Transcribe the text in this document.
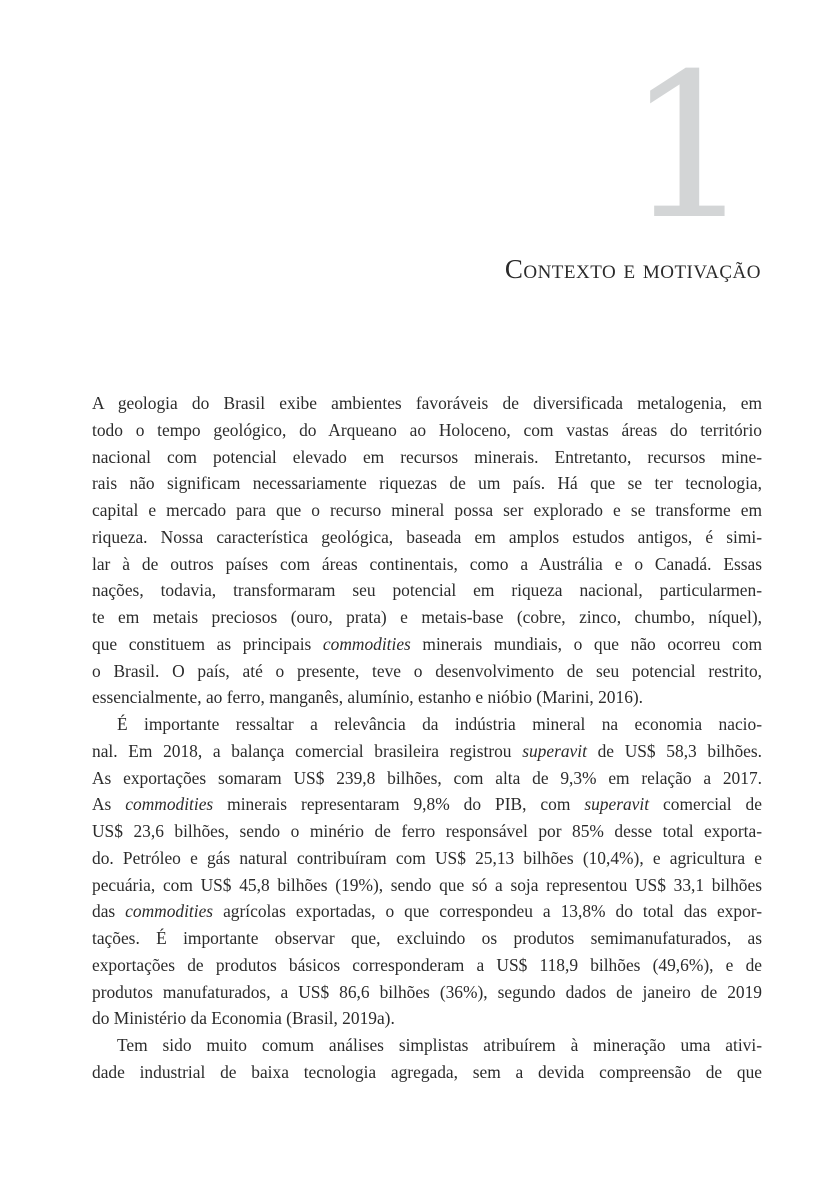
1
Contexto e motivação
A geologia do Brasil exibe ambientes favoráveis de diversificada metalogenia, em
todo o tempo geológico, do Arqueano ao Holoceno, com vastas áreas do território
nacional com potencial elevado em recursos minerais. Entretanto, recursos mine-
rais não significam necessariamente riquezas de um país. Há que se ter tecnologia,
capital e mercado para que o recurso mineral possa ser explorado e se transforme em
riqueza. Nossa característica geológica, baseada em amplos estudos antigos, é simi-
lar à de outros países com áreas continentais, como a Austrália e o Canadá. Essas
nações, todavia, transformaram seu potencial em riqueza nacional, particularmen-
te em metais preciosos (ouro, prata) e metais-base (cobre, zinco, chumbo, níquel),
que constituem as principais commodities minerais mundiais, o que não ocorreu com
o Brasil. O país, até o presente, teve o desenvolvimento de seu potencial restrito,
essencialmente, ao ferro, manganês, alumínio, estanho e nióbio (Marini, 2016).
É importante ressaltar a relevância da indústria mineral na economia nacio-
nal. Em 2018, a balança comercial brasileira registrou superavit de US$ 58,3 bilhões.
As exportações somaram US$ 239,8 bilhões, com alta de 9,3% em relação a 2017.
As commodities minerais representaram 9,8% do PIB, com superavit comercial de
US$ 23,6 bilhões, sendo o minério de ferro responsável por 85% desse total exporta-
do. Petróleo e gás natural contribuíram com US$ 25,13 bilhões (10,4%), e agricultura e
pecuária, com US$ 45,8 bilhões (19%), sendo que só a soja representou US$ 33,1 bilhões
das commodities agrícolas exportadas, o que correspondeu a 13,8% do total das expor-
tações. É importante observar que, excluindo os produtos semimanufaturados, as
exportações de produtos básicos corresponderam a US$ 118,9 bilhões (49,6%), e de
produtos manufaturados, a US$ 86,6 bilhões (36%), segundo dados de janeiro de 2019
do Ministério da Economia (Brasil, 2019a).
Tem sido muito comum análises simplistas atribuírem à mineração uma ativi-
dade industrial de baixa tecnologia agregada, sem a devida compreensão de que
